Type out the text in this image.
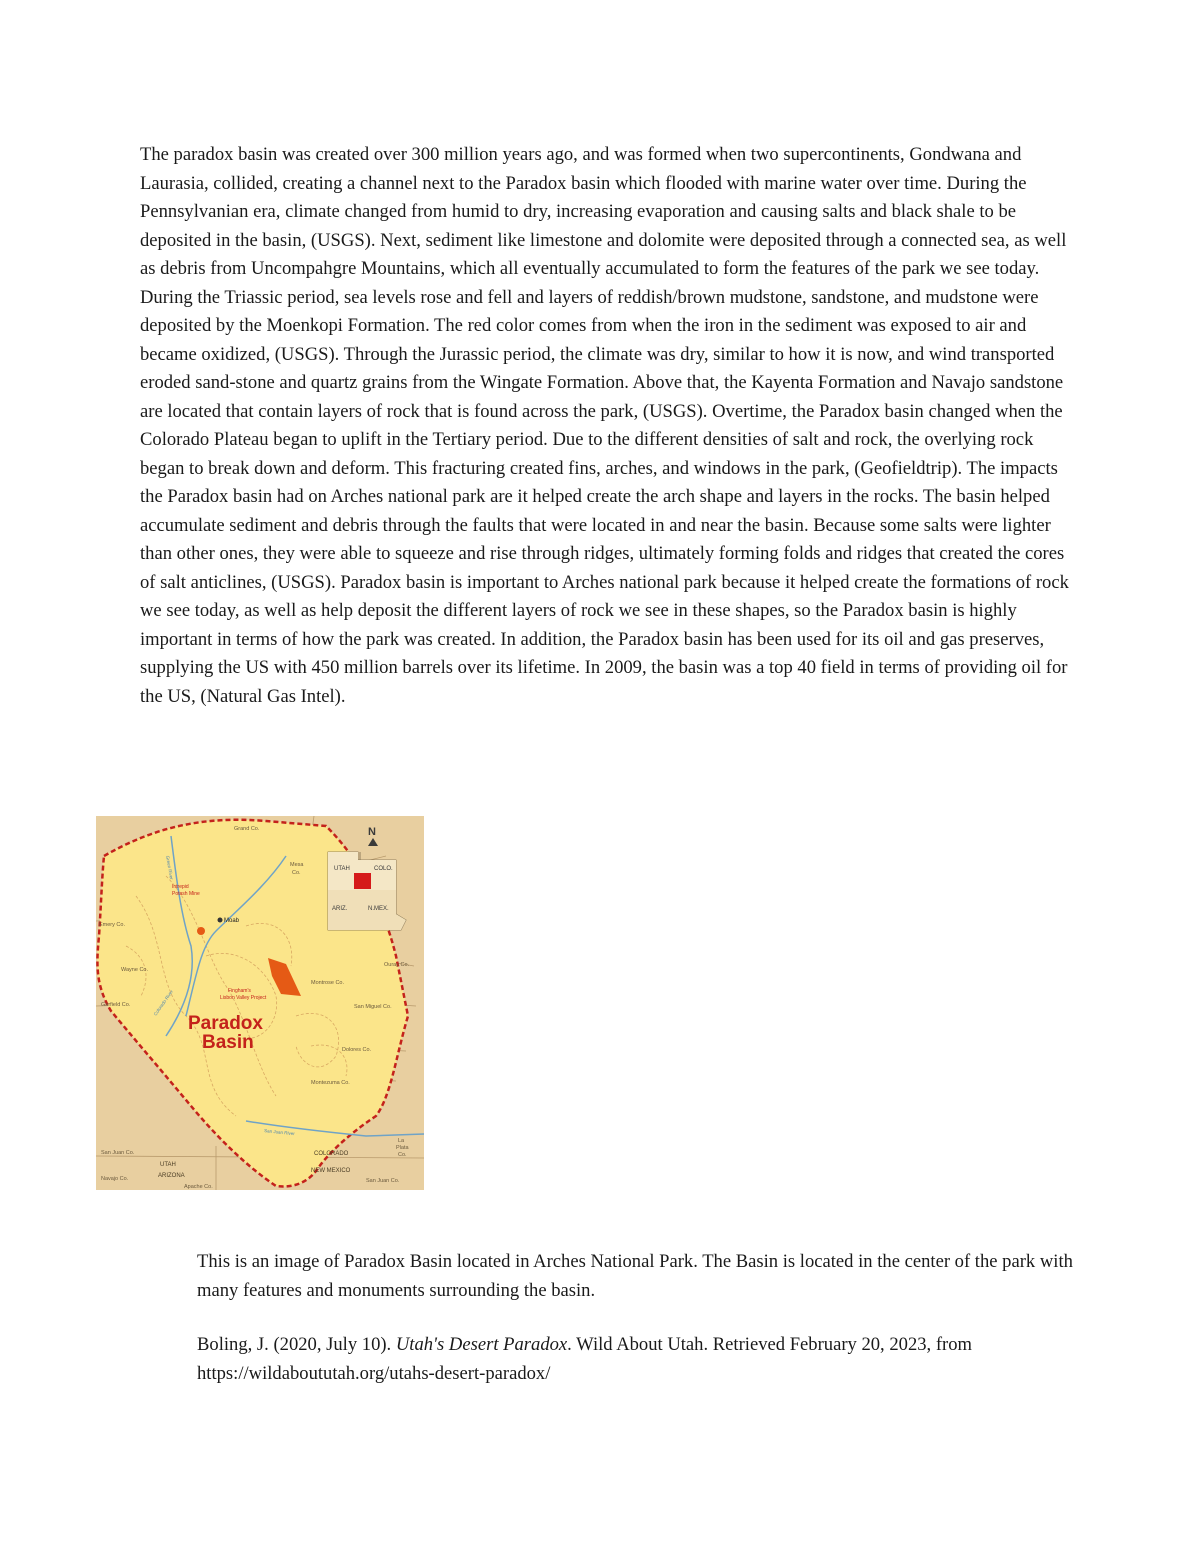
The paradox basin was created over 300 million years ago, and was formed when two supercontinents, Gondwana and Laurasia, collided, creating a channel next to the Paradox basin which flooded with marine water over time. During the Pennsylvanian era, climate changed from humid to dry, increasing evaporation and causing salts and black shale to be deposited in the basin, (USGS). Next, sediment like limestone and dolomite were deposited through a connected sea, as well as debris from Uncompahgre Mountains, which all eventually accumulated to form the features of the park we see today. During the Triassic period, sea levels rose and fell and layers of reddish/brown mudstone, sandstone, and mudstone were deposited by the Moenkopi Formation. The red color comes from when the iron in the sediment was exposed to air and became oxidized, (USGS). Through the Jurassic period, the climate was dry, similar to how it is now, and wind transported eroded sand-stone and quartz grains from the Wingate Formation. Above that, the Kayenta Formation and Navajo sandstone are located that contain layers of rock that is found across the park, (USGS). Overtime, the Paradox basin changed when the Colorado Plateau began to uplift in the Tertiary period. Due to the different densities of salt and rock, the overlying rock began to break down and deform. This fracturing created fins, arches, and windows in the park, (Geofieldtrip). The impacts the Paradox basin had on Arches national park are it helped create the arch shape and layers in the rocks. The basin helped accumulate sediment and debris through the faults that were located in and near the basin. Because some salts were lighter than other ones, they were able to squeeze and rise through ridges, ultimately forming folds and ridges that created the cores of salt anticlines, (USGS). Paradox basin is important to Arches national park because it helped create the formations of rock we see today, as well as help deposit the different layers of rock we see in these shapes, so the Paradox basin is highly important in terms of how the park was created. In addition, the Paradox basin has been used for its oil and gas preserves, supplying the US with 450 million barrels over its lifetime. In 2009, the basin was a top 40 field in terms of providing oil for the US, (Natural Gas Intel).

UTAH	COLO.
ARIZ.	N.MEX.
N
Grand Co.
Mesa
Co.
Emery Co.
Wayne Co.
Garfield Co.
Ouray Co.
Montrose Co.
San Miguel Co.
Dolores Co.
Montezuma Co.
La
Plata
Co.
San Juan Co.
San Juan Co.
Navajo Co.
Apache Co.
UTAH
ARIZONA
COLORADO
NEW MEXICO
San Juan River
Green River
Colorado River
Intrepid
Potash Mine
Fingham's
Lisbon Valley Project
Moab
Paradox
Basin

This is an image of Paradox Basin located in Arches National Park. The Basin is located in the center of the park with many features and monuments surrounding the basin.

Boling, J. (2020, July 10). Utah's Desert Paradox. Wild About Utah. Retrieved February 20, 2023, from https://wildaboututah.org/utahs-desert-paradox/
